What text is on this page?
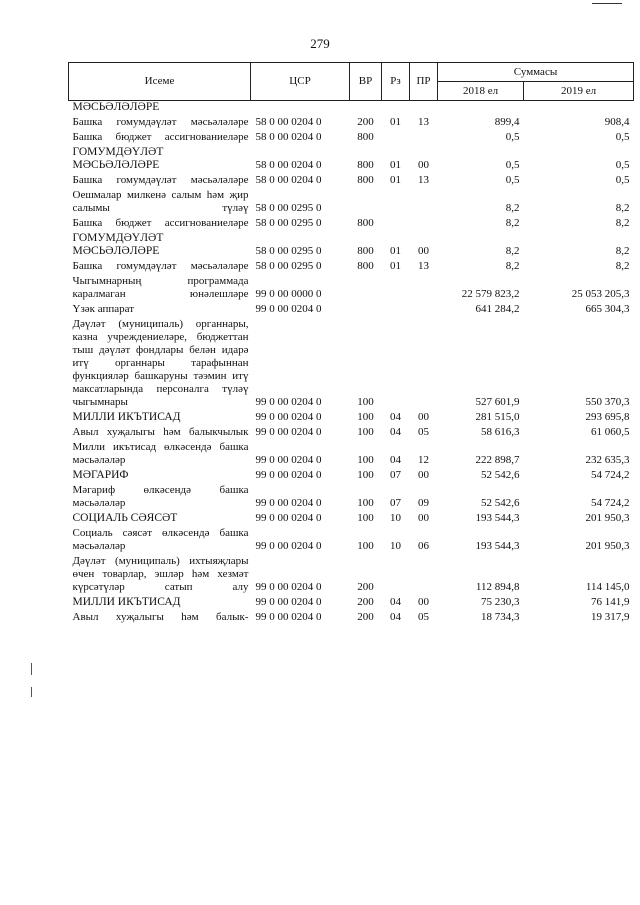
279
Исеме	ЦСР	ВР	Рз	ПР	Суммасы	
					2018 ел	2019 ел
МӘСЬӘЛӘЛӘРЕ						
Башка гомумдәүләт мәсьәләләре	58 0 00 0204 0	200	01	13	899,4	908,4
Башка бюджет ассигнованиеләре	58 0 00 0204 0	800			0,5	0,5
ГОМУМДӘҮЛӘТ МӘСЬӘЛӘЛӘРЕ	58 0 00 0204 0	800	01	00	0,5	0,5
Башка гомумдәүләт мәсьәләләре	58 0 00 0204 0	800	01	13	0,5	0,5
Оешмалар милкенә салым һәм җир салымы түләү	58 0 00 0295 0				8,2	8,2
Башка бюджет ассигнованиеләре	58 0 00 0295 0	800			8,2	8,2
ГОМУМДӘҮЛӘТ МӘСЬӘЛӘЛӘРЕ	58 0 00 0295 0	800	01	00	8,2	8,2
Башка гомумдәүләт мәсьәләләре	58 0 00 0295 0	800	01	13	8,2	8,2
Чыгымнарның программада каралмаган юнәлешләре	99 0 00 0000 0				22 579 823,2	25 053 205,3
Үзәк аппарат	99 0 00 0204 0				641 284,2	665 304,3
Дәүләт (муниципаль) органнары, казна учреждениеләре, бюджеттан тыш дәүләт фондлары белән идарә итү органнары тарафыннан функцияләр башкаруны тәэмин итү максатларында персоналга түләү чыгымнары	99 0 00 0204 0	100			527 601,9	550 370,3
МИЛЛИ ИКЪТИСАД	99 0 00 0204 0	100	04	00	281 515,0	293 695,8
Авыл хуҗалыгы һәм балыкчылык	99 0 00 0204 0	100	04	05	58 616,3	61 060,5
Милли икътисад өлкәсендә башка мәсьәләләр	99 0 00 0204 0	100	04	12	222 898,7	232 635,3
МӘГАРИФ	99 0 00 0204 0	100	07	00	52 542,6	54 724,2
Мәгариф өлкәсендә башка мәсьәләләр	99 0 00 0204 0	100	07	09	52 542,6	54 724,2
СОЦИАЛЬ СӘЯСӘТ	99 0 00 0204 0	100	10	00	193 544,3	201 950,3
Социаль сәясәт өлкәсендә башка мәсьәләләр	99 0 00 0204 0	100	10	06	193 544,3	201 950,3
Дәүләт (муниципаль) ихтыяҗлары өчен товарлар, эшләр һәм хезмәт күрсәтүләр сатып алу	99 0 00 0204 0	200			112 894,8	114 145,0
МИЛЛИ ИКЪТИСАД	99 0 00 0204 0	200	04	00	75 230,3	76 141,9
Авыл хуҗалыгы һәм балык-	99 0 00 0204 0	200	04	05	18 734,3	19 317,9
